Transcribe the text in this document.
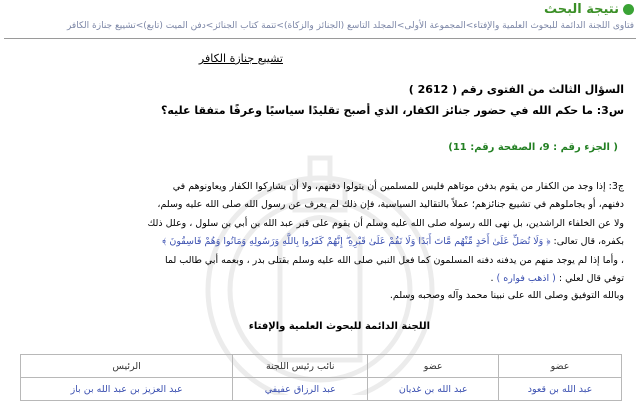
نتيجة البحث
فتاوى اللجنة الدائمة للبحوث العلمية والإفتاء>المجموعة الأولى>المجلد التاسع (الجنائز والزكاة)>تتمة كتاب الجنائز>دفن الميت (تابع)>تشييع جنازة الكافر
تشييع جنازة الكافر
السؤال الثالث من الفتوى رقم ( 2612 )
س3: ما حكم الله في حضور جنائز الكفار، الذي أصبح تقليدًا سياسيًا وعرفًا متفقا عليه؟
( الجزء رقم : 9، الصفحة رقم: 11)
ج3: إذا وجد من الكفار من يقوم بدفن موتاهم فليس للمسلمين أن يتولوا دفنهم، ولا أن يشاركوا الكفار ويعاونوهم في
دفنهم، أو يجاملوهم في تشييع جنائزهم؛ عملاً بالتقاليد السياسية، فإن ذلك لم يعرف عن رسول الله صلى الله عليه وسلم،
ولا عن الخلفاء الراشدين، بل نهى الله رسوله صلى الله عليه وسلم أن يقوم على قبر عبد الله بن أبي بن سلول ، وعلل ذلك
بكفره، قال تعالى: ﴿ وَلَا تُصَلِّ عَلَىٰ أَحَدٍ مِّنْهُم مَّاتَ أَبَدًا وَلَا تَقُمْ عَلَىٰ قَبْرِهِ ۖ إِنَّهُمْ كَفَرُوا بِاللَّهِ وَرَسُولِهِ وَمَاتُوا وَهُمْ فَاسِقُونَ ﴾
، وأما إذا لم يوجد منهم من يدفنه دفنه المسلمون كما فعل النبي صلى الله عليه وسلم بقتلى بدر ، وبعمه أبي طالب لما
توفي قال لعلي : ( اذهب فواره ) .
وبالله التوفيق وصلى الله على نبينا محمد وآله وصحبه وسلم.
اللجنة الدائمة للبحوث العلمية والإفتاء
عضو	عضو	نائب رئيس اللجنة	الرئيس
عبد الله بن قعود	عبد الله بن غديان	عبد الرزاق عفيفي	عبد العزيز بن عبد الله بن باز
